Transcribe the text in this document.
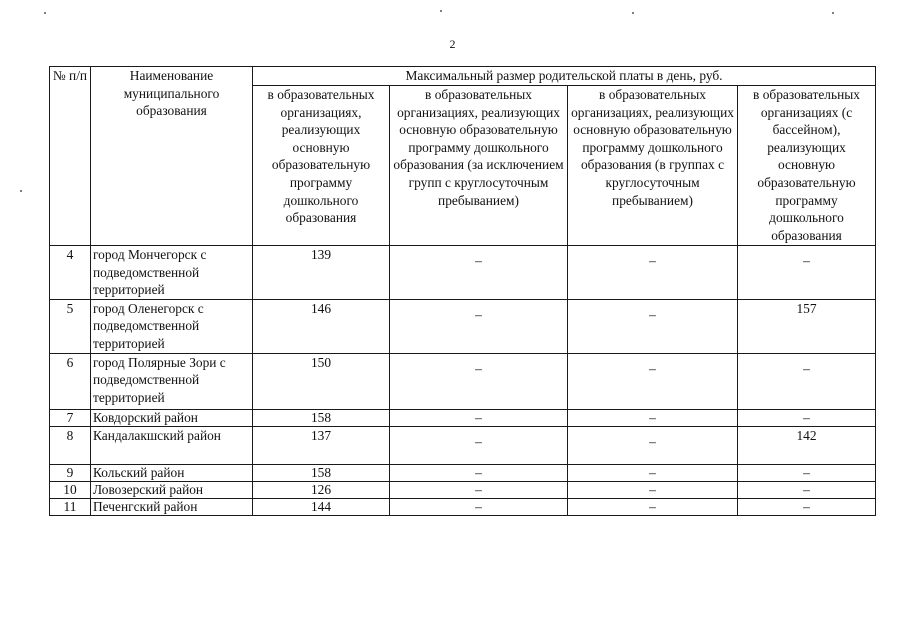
2
№ п/п	Наименование муниципального образования	Максимальный размер родительской платы в день, руб.			
		в образовательных организациях, реализующих основную образовательную программу дошкольного образования	в образовательных организациях, реализующих основную образовательную программу дошкольного образования (за исключением групп с круглосуточным пребыванием)	в образовательных организациях, реализующих основную образовательную программу дошкольного образования (в группах с круглосуточным пребыванием)	в образовательных организациях (с бассейном), реализующих основную образовательную программу дошкольного образования
4	город Мончегорск с подведомственной территорией	139	–	–	–
5	город Оленегорск с подведомственной территорией	146	–	–	157
6	город Полярные Зори с подведомственной территорией	150	–	–	–
7	Ковдорский район	158	–	–	–
8	Кандалакшский район	137	–	–	142
9	Кольский район	158	–	–	–
10	Ловозерский район	126	–	–	–
11	Печенгский район	144	–	–	–
